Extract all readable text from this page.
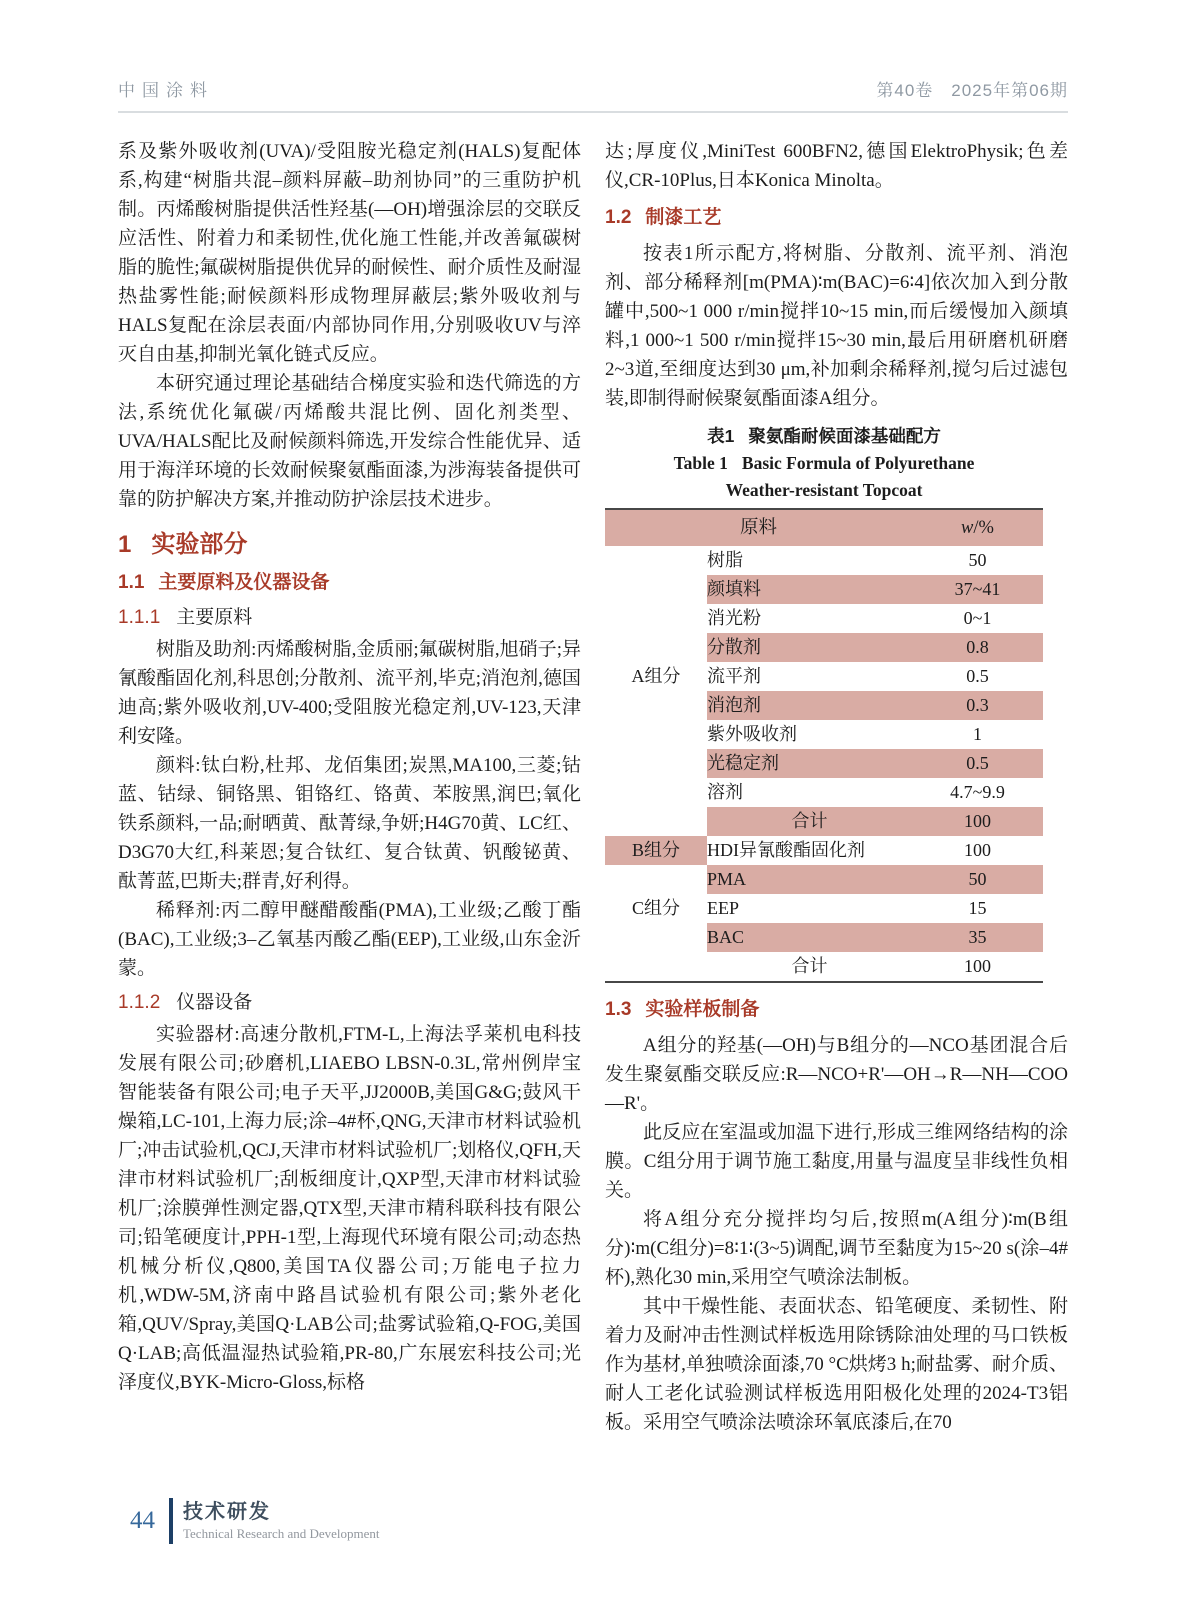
中国涂料	第40卷　2025年第06期

系及紫外吸收剂(UVA)/受阻胺光稳定剂(HALS)复配体系,构建“树脂共混–颜料屏蔽–助剂协同”的三重防护机制。丙烯酸树脂提供活性羟基(—OH)增强涂层的交联反应活性、附着力和柔韧性,优化施工性能,并改善氟碳树脂的脆性;氟碳树脂提供优异的耐候性、耐介质性及耐湿热盐雾性能;耐候颜料形成物理屏蔽层;紫外吸收剂与HALS复配在涂层表面/内部协同作用,分别吸收UV与淬灭自由基,抑制光氧化链式反应。

本研究通过理论基础结合梯度实验和迭代筛选的方法,系统优化氟碳/丙烯酸共混比例、固化剂类型、UVA/HALS配比及耐候颜料筛选,开发综合性能优异、适用于海洋环境的长效耐候聚氨酯面漆,为涉海装备提供可靠的防护解决方案,并推动防护涂层技术进步。

1 实验部分
1.1 主要原料及仪器设备
1.1.1 主要原料

树脂及助剂:丙烯酸树脂,金质丽;氟碳树脂,旭硝子;异氰酸酯固化剂,科思创;分散剂、流平剂,毕克;消泡剂,德国迪高;紫外吸收剂,UV-400;受阻胺光稳定剂,UV-123,天津利安隆。

颜料:钛白粉,杜邦、龙佰集团;炭黑,MA100,三菱;钴蓝、钴绿、铜铬黑、钼铬红、铬黄、苯胺黑,润巴;氧化铁系颜料,一品;耐晒黄、酞菁绿,争妍;H4G70黄、LC红、D3G70大红,科莱恩;复合钛红、复合钛黄、钒酸铋黄、酞菁蓝,巴斯夫;群青,好利得。

稀释剂:丙二醇甲醚醋酸酯(PMA),工业级;乙酸丁酯(BAC),工业级;3–乙氧基丙酸乙酯(EEP),工业级,山东金沂蒙。

1.1.2 仪器设备

实验器材:高速分散机,FTM-L,上海法孚莱机电科技发展有限公司;砂磨机,LIAEBO LBSN-0.3L,常州例岸宝智能装备有限公司;电子天平,JJ2000B,美国G&G;鼓风干燥箱,LC-101,上海力辰;涂–4#杯,QNG,天津市材料试验机厂;冲击试验机,QCJ,天津市材料试验机厂;划格仪,QFH,天津市材料试验机厂;刮板细度计,QXP型,天津市材料试验机厂;涂膜弹性测定器,QTX型,天津市精科联科技有限公司;铅笔硬度计,PPH-1型,上海现代环境有限公司;动态热机械分析仪,Q800,美国TA仪器公司;万能电子拉力机,WDW-5M,济南中路昌试验机有限公司;紫外老化箱,QUV/Spray,美国Q·LAB公司;盐雾试验箱,Q-FOG,美国Q·LAB;高低温湿热试验箱,PR-80,广东展宏科技公司;光泽度仪,BYK-Micro-Gloss,标格

达;厚度仪,MiniTest 600BFN2,德国ElektroPhysik;色差仪,CR-10Plus,日本Konica Minolta。

1.2 制漆工艺

按表1所示配方,将树脂、分散剂、流平剂、消泡剂、部分稀释剂[m(PMA)∶m(BAC)=6∶4]依次加入到分散罐中,500~1 000 r/min搅拌10~15 min,而后缓慢加入颜填料,1 000~1 500 r/min搅拌15~30 min,最后用研磨机研磨2~3道,至细度达到30 μm,补加剩余稀释剂,搅匀后过滤包装,即制得耐候聚氨酯面漆A组分。

表1 聚氨酯耐候面漆基础配方
Table 1 Basic Formula of Polyurethane
Weather-resistant Topcoat
原料		w/%
A组分	树脂	50
	颜填料	37~41
	消光粉	0~1
	分散剂	0.8
	流平剂	0.5
	消泡剂	0.3
	紫外吸收剂	1
	光稳定剂	0.5
	溶剂	4.7~9.9
	合计	100
B组分	HDI异氰酸酯固化剂	100
C组分	PMA	50
	EEP	15
	BAC	35
	合计	100
1.3 实验样板制备

A组分的羟基(—OH)与B组分的—NCO基团混合后发生聚氨酯交联反应:R—NCO+R'—OH→R—NH—COO—R'。

此反应在室温或加温下进行,形成三维网络结构的涂膜。C组分用于调节施工黏度,用量与温度呈非线性负相关。

将A组分充分搅拌均匀后,按照m(A组分)∶m(B组分)∶m(C组分)=8∶1∶(3~5)调配,调节至黏度为15~20 s(涂–4#杯),熟化30 min,采用空气喷涂法制板。

其中干燥性能、表面状态、铅笔硬度、柔韧性、附着力及耐冲击性测试样板选用除锈除油处理的马口铁板作为基材,单独喷涂面漆,70 °C烘烤3 h;耐盐雾、耐介质、耐人工老化试验测试样板选用阳极化处理的2024-T3铝板。采用空气喷涂法喷涂环氧底漆后,在70

44 技术研发
Technical Research and Development
